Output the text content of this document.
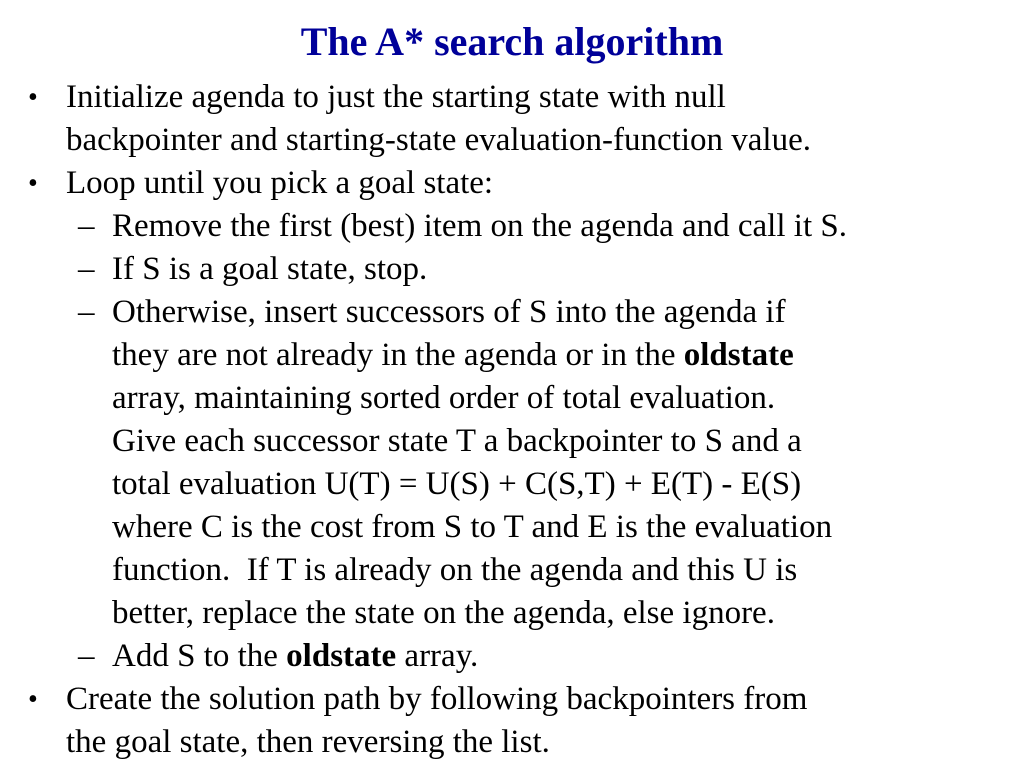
The A* search algorithm
• Initialize agenda to just the starting state with null
backpointer and starting-state evaluation-function value.
• Loop until you pick a goal state:
– Remove the first (best) item on the agenda and call it S.
– If S is a goal state, stop.
– Otherwise, insert successors of S into the agenda if
they are not already in the agenda or in the oldstate
array, maintaining sorted order of total evaluation.
Give each successor state T a backpointer to S and a
total evaluation U(T) = U(S) + C(S,T) + E(T) - E(S)
where C is the cost from S to T and E is the evaluation
function.  If T is already on the agenda and this U is
better, replace the state on the agenda, else ignore.
– Add S to the oldstate array.
• Create the solution path by following backpointers from
the goal state, then reversing the list.
